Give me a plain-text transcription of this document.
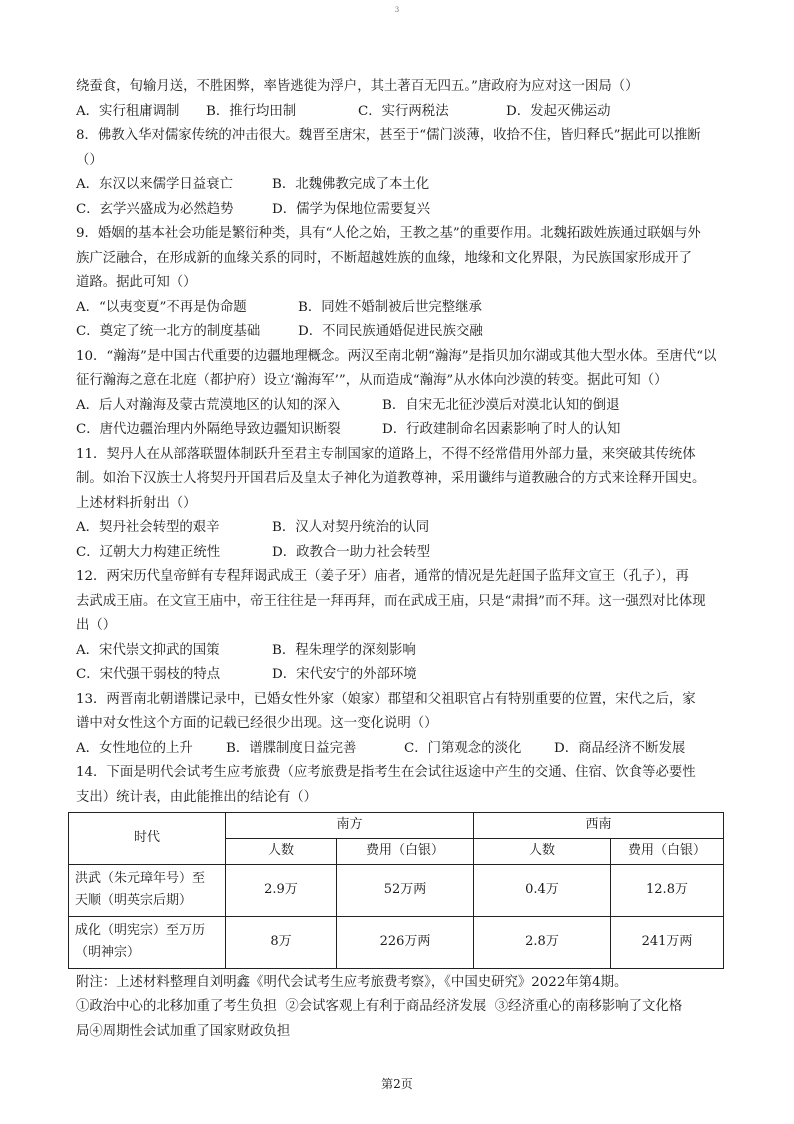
3
绕蚕食，旬输月送，不胜困弊，率皆逃徙为浮户，其土著百无四五。”唐政府为应对这一困局（）
A．实行租庸调制	B．推行均田制	C．实行两税法	D．发起灭佛运动
8．佛教入华对儒家传统的冲击很大。魏晋至唐宋，甚至于“儒门淡薄，收拾不住，皆归释氏”据此可以推断
（）
A．东汉以来儒学日益衰亡	B．北魏佛教完成了本土化
C．玄学兴盛成为必然趋势	D．儒学为保地位需要复兴
9．婚姻的基本社会功能是繁衍种类，具有“人伦之始，王教之基”的重要作用。北魏拓跋姓族通过联姻与外
族广泛融合，在形成新的血缘关系的同时，不断超越姓族的血缘，地缘和文化界限，为民族国家形成开了
道路。据此可知（）
A．“以夷变夏”不再是伪命题	B．同姓不婚制被后世完整继承
C．奠定了统一北方的制度基础	D．不同民族通婚促进民族交融
10．“瀚海”是中国古代重要的边疆地理概念。两汉至南北朝“瀚海”是指贝加尔湖或其他大型水体。至唐代“以
征行瀚海之意在北庭（都护府）设立‘瀚海军’”，从而造成“瀚海”从水体向沙漠的转变。据此可知（）
A．后人对瀚海及蒙古荒漠地区的认知的深入	B．自宋无北征沙漠后对漠北认知的倒退
C．唐代边疆治理内外隔绝导致边疆知识断裂	D．行政建制命名因素影响了时人的认知
11．契丹人在从部落联盟体制跃升至君主专制国家的道路上，不得不经常借用外部力量，来突破其传统体
制。如治下汉族士人将契丹开国君后及皇太子神化为道教尊神，采用谶纬与道教融合的方式来诠释开国史。
上述材料折射出（）
A．契丹社会转型的艰辛	B．汉人对契丹统治的认同
C．辽朝大力构建正统性	D．政教合一助力社会转型
12．两宋历代皇帝鲜有专程拜谒武成王（姜子牙）庙者，通常的情况是先赶国子监拜文宣王（孔子），再
去武成王庙。在文宣王庙中，帝王往往是一拜再拜，而在武成王庙，只是“肃揖”而不拜。这一强烈对比体现
出（）
A．宋代崇文抑武的国策	B．程朱理学的深刻影响
C．宋代强干弱枝的特点	D．宋代安宁的外部环境
13．两晋南北朝谱牒记录中，已婚女性外家（娘家）郡望和父祖职官占有特别重要的位置，宋代之后，家
谱中对女性这个方面的记载已经很少出现。这一变化说明（）
A．女性地位的上升	B．谱牒制度日益完善	C．门第观念的淡化	D．商品经济不断发展
14．下面是明代会试考生应考旅费（应考旅费是指考生在会试往返途中产生的交通、住宿、饮食等必要性
支出）统计表，由此能推出的结论有（）
时代	南方		西南	
	人数	费用（白银）	人数	费用（白银）

洪武（朱元璋年号）至
天顺（明英宗后期）	2.9万	52万两	0.4万	12.8万

成化（明宪宗）至万历
（明神宗）	8万	226万两	2.8万	241万两
附注：上述材料整理自刘明鑫《明代会试考生应考旅费考察》，《中国史研究》2022年第4期。
①政治中心的北移加重了考生负担  ②会试客观上有利于商品经济发展  ③经济重心的南移影响了文化格
局④周期性会试加重了国家财政负担
第2页
